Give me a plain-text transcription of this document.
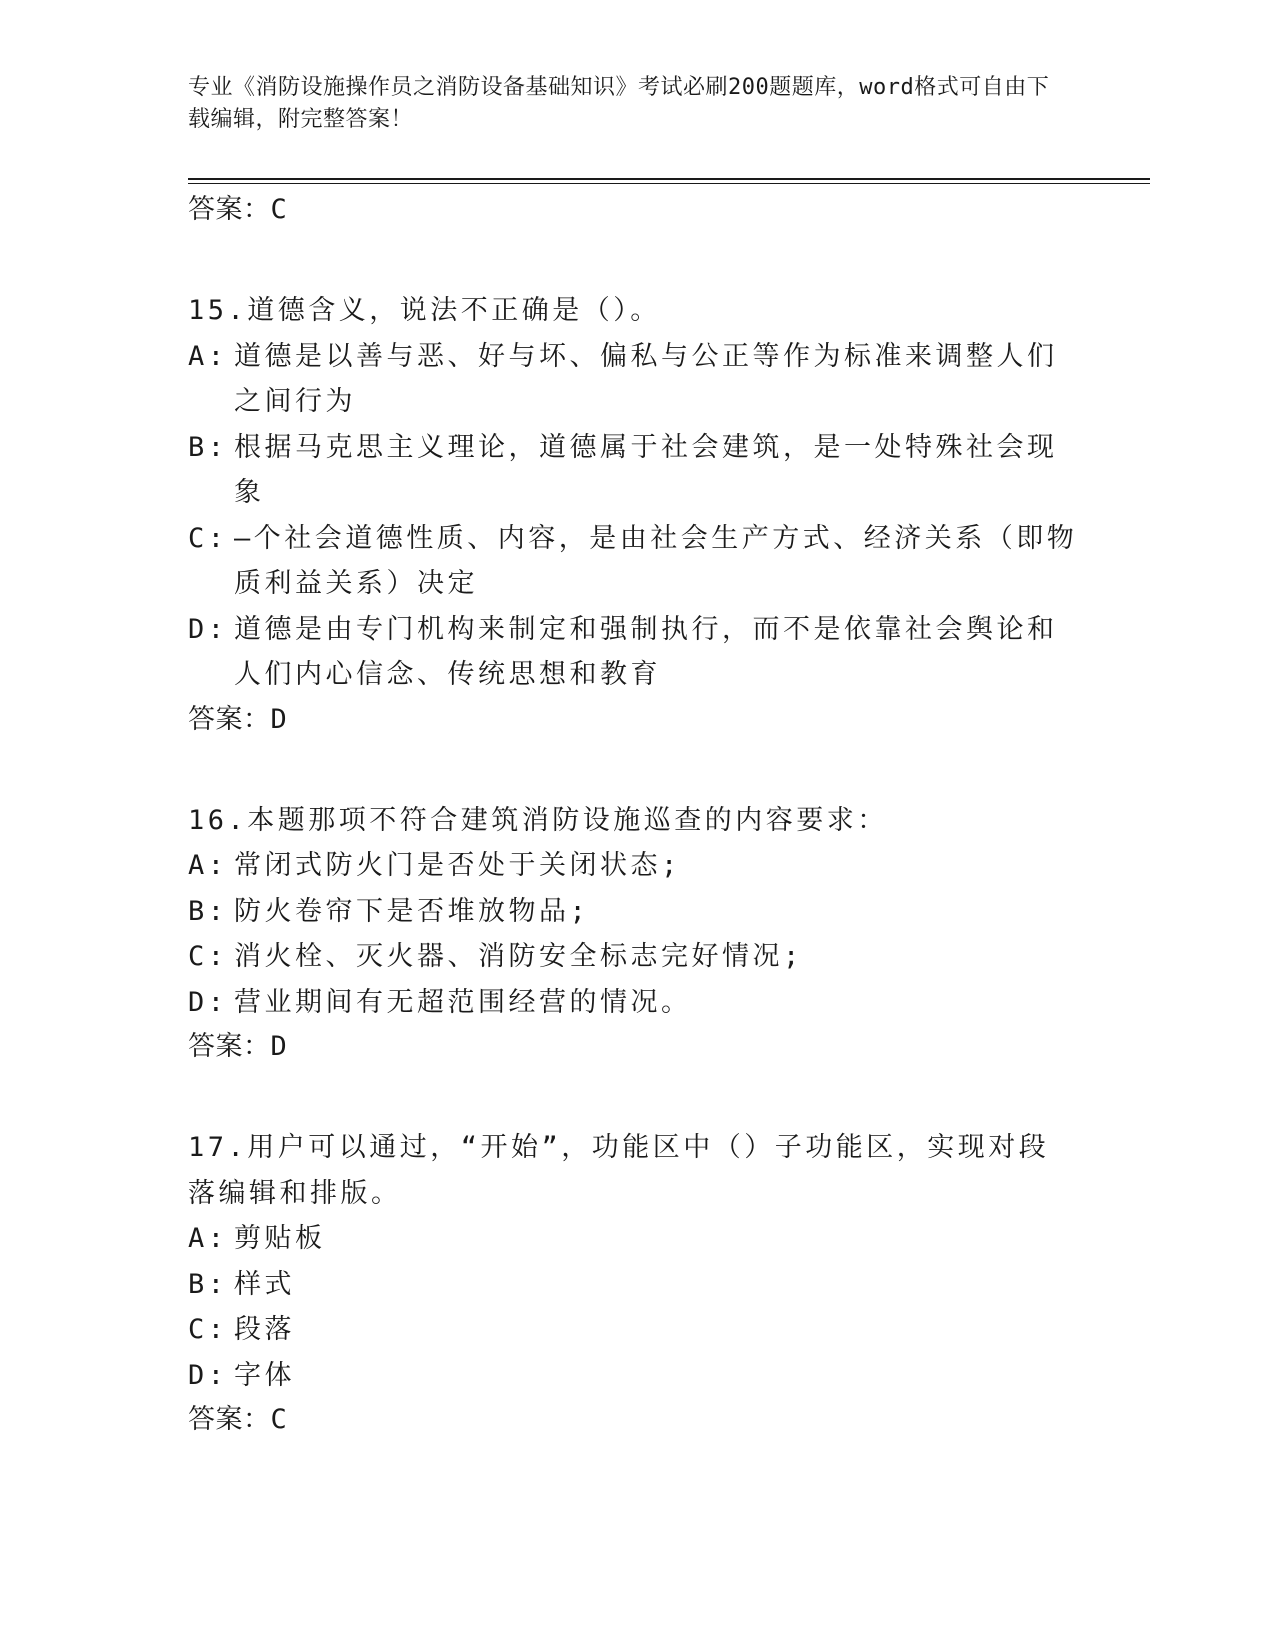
专业《消防设施操作员之消防设备基础知识》考试必刷200题题库，word格式可自由下载编辑，附完整答案！
答案：C
15.道德含义，说法不正确是（）。
A: 道德是以善与恶、好与坏、偏私与公正等作为标准来调整人们之间行为
B: 根据马克思主义理论，道德属于社会建筑，是一处特殊社会现象
C: —个社会道德性质、内容，是由社会生产方式、经济关系（即物质利益关系）决定
D: 道德是由专门机构来制定和强制执行，而不是依靠社会舆论和人们内心信念、传统思想和教育
答案：D
16.本题那项不符合建筑消防设施巡查的内容要求：
A: 常闭式防火门是否处于关闭状态;
B: 防火卷帘下是否堆放物品;
C: 消火栓、灭火器、消防安全标志完好情况;
D: 营业期间有无超范围经营的情况。
答案：D
17.用户可以通过，“开始”，功能区中（）子功能区，实现对段落编辑和排版。
A: 剪贴板
B: 样式
C: 段落
D: 字体
答案：C
